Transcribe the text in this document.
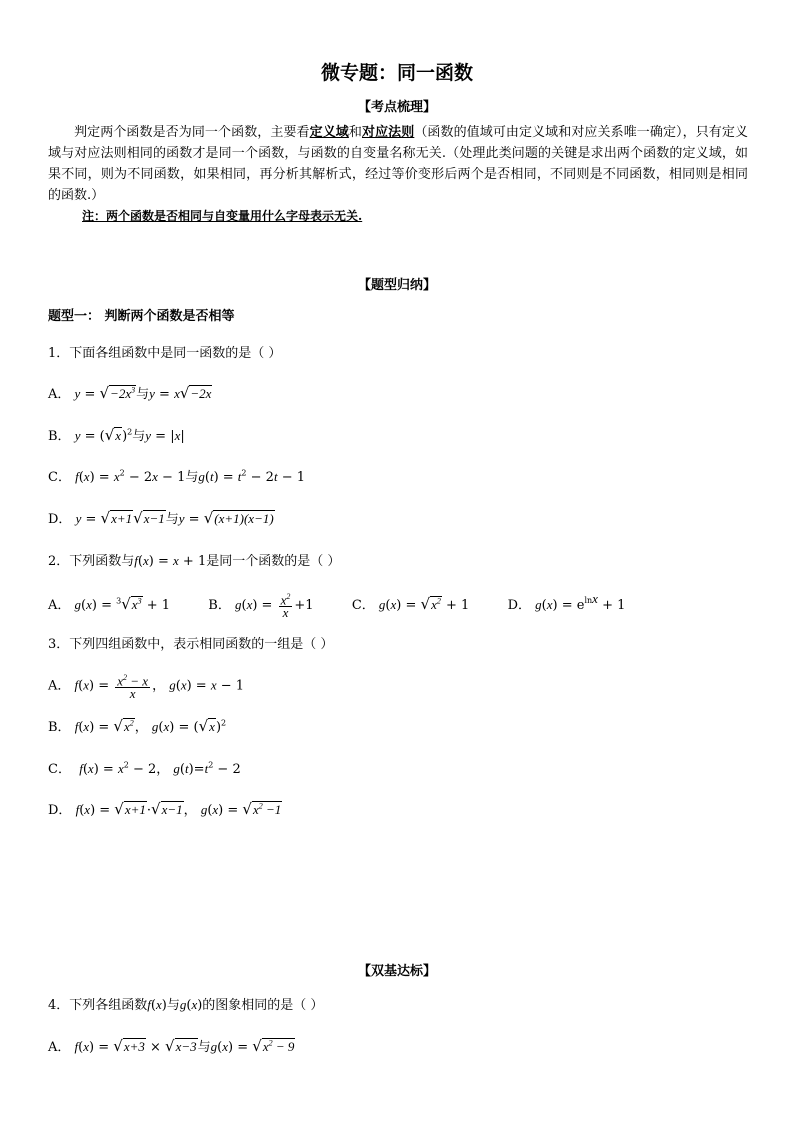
微专题：同一函数
【考点梳理】
判定两个函数是否为同一个函数，主要看定义域和对应法则（函数的值域可由定义域和对应关系唯一确定），只有定义域与对应法则相同的函数才是同一个函数，与函数的自变量名称无关.（处理此类问题的关键是求出两个函数的定义域，如果不同，则为不同函数，如果相同，再分析其解析式，经过等价变形后两个是否相同，不同则是不同函数，相同则是相同的函数.）
注：两个函数是否相同与自变量用什么字母表示无关.
【题型归纳】
题型一： 判断两个函数是否相等
1．下面各组函数中是同一函数的是（ ）
A． $y = √-2x^3$与y = x√−2x
B． $y = (√x)^2$与y = |x|
C． $f(x) = x^2 - 2x - 1$与$g(t) = t^2 - 2t - 1$
D． y = √x+1√x−1与y = √(x+1)(x−1)
2．下列函数与f(x) = x + 1是同一个函数的是（ ）
A． $g(x) = ^3√x^3 + 1$	B． $g(x) = \frac{x^2}{x} +1$	C． $g(x) = √x^2 + 1$	D． $g(x) = e^{lnx} + 1$
3．下列四组函数中，表示相同函数的一组是（ ）
A． $f(x) = \frac{x^2 - x}{x}$ ， g(x) = x − 1
B． $f(x) = √x^2$， $g(x) = (√x)^2$
C． $f(x) = x^2 - 2$， $g(t)=t^2 - 2$
D． f(x) = √x+1·√x−1， $g(x) = √x^2 -1$
【双基达标】
4．下列各组函数f(x)与g(x)的图象相同的是（ ）
A． f(x) = √x+3 × √x−3与$g(x) = √x^2 - 9$
